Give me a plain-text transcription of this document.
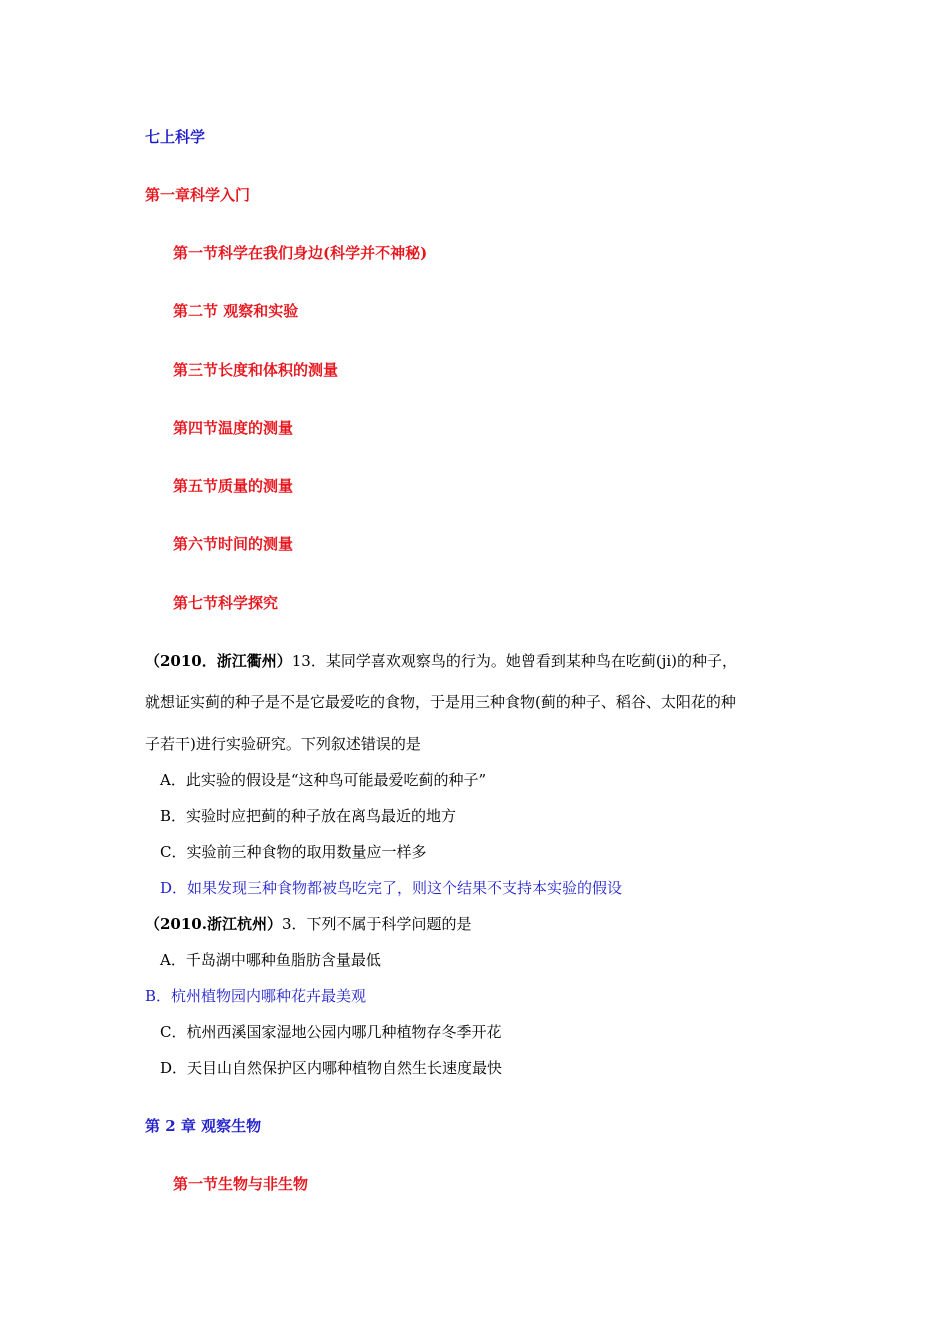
七上科学
第一章科学入门
第一节科学在我们身边(科学并不神秘)
第二节 观察和实验
第三节长度和体积的测量
第四节温度的测量
第五节质量的测量
第六节时间的测量
第七节科学探究
（2010．浙江衢州）13．某同学喜欢观察鸟的行为。她曾看到某种鸟在吃蓟(ji)的种子，
就想证实蓟的种子是不是它最爱吃的食物，于是用三种食物(蓟的种子、稻谷、太阳花的种
子若干)进行实验研究。下列叙述错误的是
A．此实验的假设是“这种鸟可能最爱吃蓟的种子”
B．实验时应把蓟的种子放在离鸟最近的地方
C．实验前三种食物的取用数量应一样多
D．如果发现三种食物都被鸟吃完了，则这个结果不支持本实验的假设
（2010.浙江杭州）3．下列不属于科学问题的是
A．千岛湖中哪种鱼脂肪含量最低
B．杭州植物园内哪种花卉最美观
C．杭州西溪国家湿地公园内哪几种植物存冬季开花
D．天目山自然保护区内哪种植物自然生长速度最快
第 2 章 观察生物
第一节生物与非生物
